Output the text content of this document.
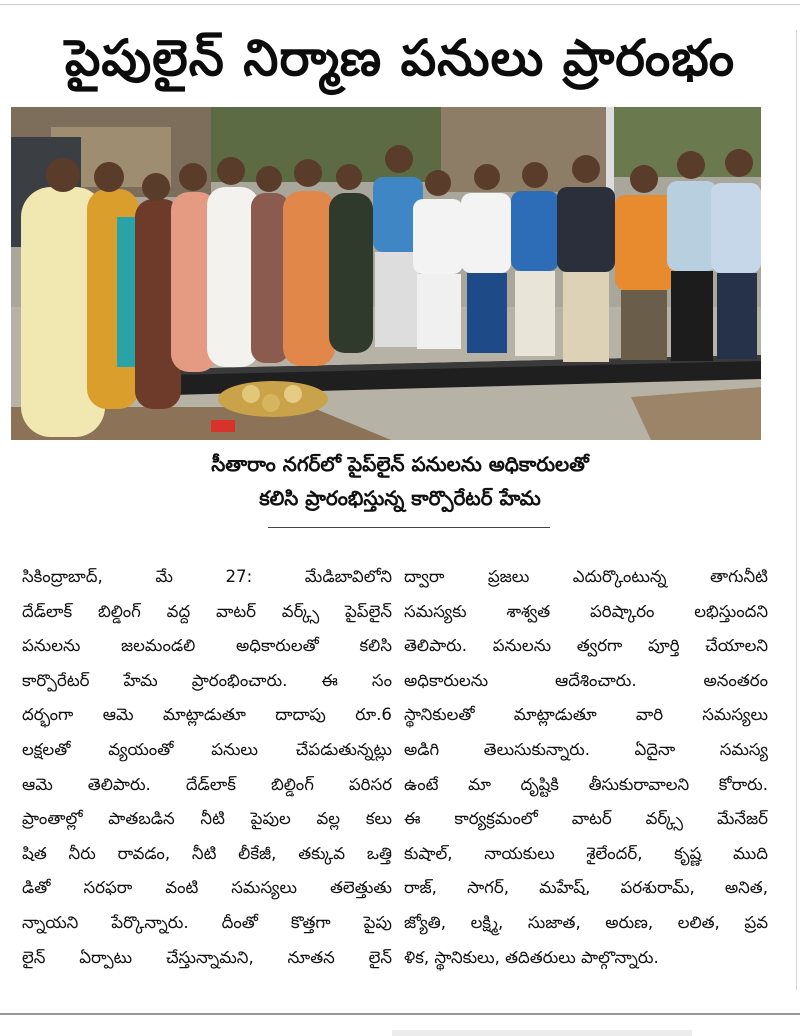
పైపులైన్ నిర్మాణ పనులు ప్రారంభం
సీతారాం నగర్‌లో పైప్‌లైన్ పనులను అధికారులతో
కలిసి ప్రారంభిస్తున్న కార్పొరేటర్ హేమ
సికింద్రాబాద్, మే 27: మేడిబావిలోని
దేడ్‌లాక్ బిల్డింగ్ వద్ద వాటర్ వర్క్స్ పైప్‌లైన్
పనులను జలమండలి అధికారులతో కలిసి
కార్పొరేటర్ హేమ ప్రారంభించారు. ఈ సం
దర్భంగా ఆమె మాట్లాడుతూ దాదాపు రూ.6
లక్షలతో వ్యయంతో పనులు చేపడుతున్నట్లు
ఆమె తెలిపారు. దేడ్‌లాక్ బిల్డింగ్ పరిసర
ప్రాంతాల్లో పాతబడిన నీటి పైపుల వల్ల కలు
షిత నీరు రావడం, నీటి లీకేజీ, తక్కువ ఒత్తి
డితో సరఫరా వంటి సమస్యలు తలెత్తుతు
న్నాయని పేర్కొన్నారు. దీంతో కొత్తగా పైపు
లైన్ ఏర్పాటు చేస్తున్నామని, నూతన లైన్
ద్వారా ప్రజలు ఎదుర్కొంటున్న తాగునీటి
సమస్యకు శాశ్వత పరిష్కారం లభిస్తుందని
తెలిపారు. పనులను త్వరగా పూర్తి చేయాలని
అధికారులను ఆదేశించారు. అనంతరం
స్థానికులతో మాట్లాడుతూ వారి సమస్యలు
అడిగి తెలుసుకున్నారు. ఏదైనా సమస్య
ఉంటే మా దృష్టికి తీసుకురావాలని కోరారు.
ఈ కార్యక్రమంలో వాటర్ వర్క్స్ మేనేజర్
కుషాల్, నాయకులు శైలేందర్, కృష్ణ ముది
రాజ్, సాగర్, మహేష్, పరశురామ్, అనిత,
జ్యోతి, లక్ష్మి, సుజాత, అరుణ, లలిత, ప్రవ
ళిక, స్థానికులు, తదితరులు పాల్గొన్నారు.
